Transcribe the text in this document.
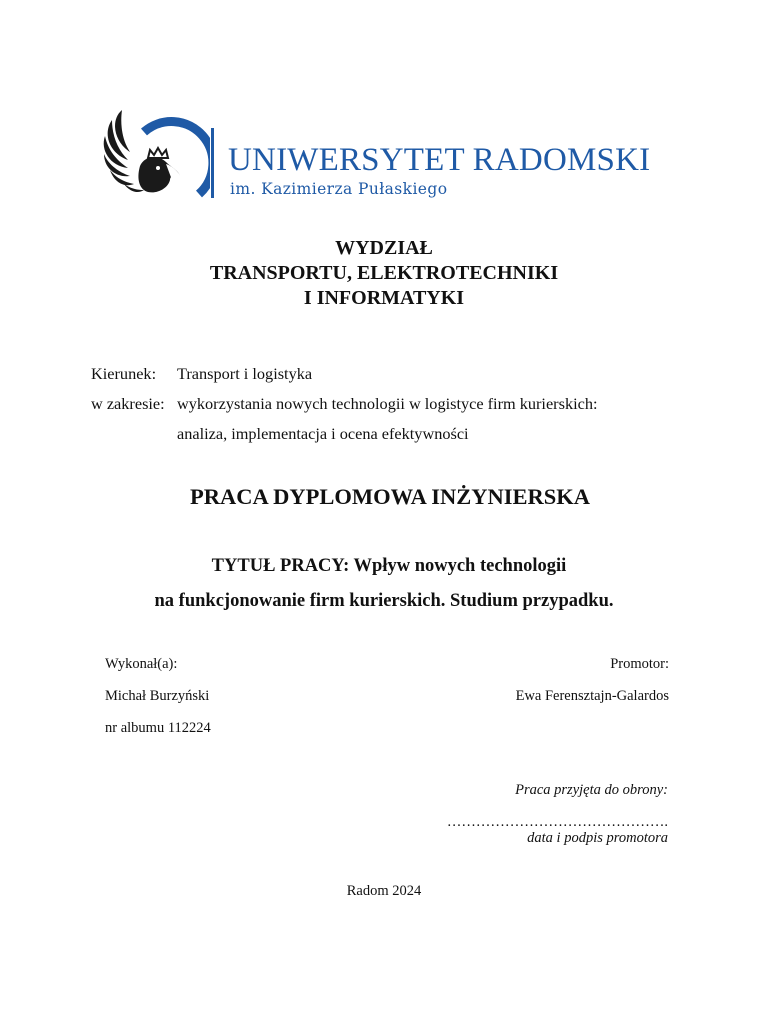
UNIWERSYTET RADOMSKI
im. Kazimierza Pułaskiego
WYDZIAŁ
TRANSPORTU, ELEKTROTECHNIKI
I INFORMATYKI
Kierunek: Transport i logistyka
w zakresie: wykorzystania nowych technologii w logistyce firm kurierskich:
analiza, implementacja i ocena efektywności
PRACA DYPLOMOWA INŻYNIERSKA
TYTUŁ PRACY: Wpływ nowych technologii
na funkcjonowanie firm kurierskich. Studium przypadku.
Wykonał(a):
Michał Burzyński
nr albumu 112224
Promotor:
Ewa Ferensztajn-Galardos
Praca przyjęta do obrony:
……………………………………….
data i podpis promotora
Radom 2024
